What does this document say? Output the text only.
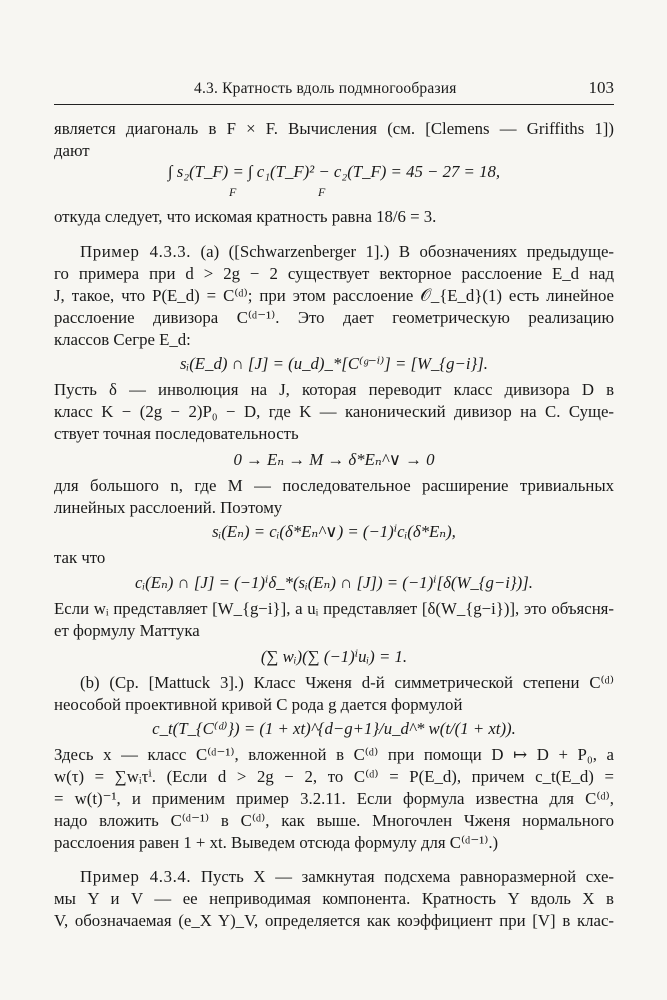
4.3. Кратность вдоль подмногообразия	103
является диагональ в F × F. Вычисления (см. [Clemens — Griffiths 1])
дают
∫ s₂(T_F) = ∫ c₁(T_F)² − c₂(T_F) = 45 − 27 = 18,
F	F
откуда следует, что искомая кратность равна 18/6 = 3.
Пример 4.3.3. (a) ([Schwarzenberger 1].) В обозначениях предыдуще-
го примера при d > 2g − 2 существует векторное расслоение E_d над
J, такое, что P(E_d) = C⁽ᵈ⁾; при этом расслоение 𝒪_{E_d}(1) есть линейное
расслоение дивизора C⁽ᵈ⁻¹⁾. Это дает геометрическую реализацию
классов Сегре E_d:
sᵢ(E_d) ∩ [J] = (u_d)_*[C⁽ᵍ⁻ⁱ⁾] = [W_{g−i}].
Пусть δ — инволюция на J, которая переводит класс дивизора D в
класс K − (2g − 2)P₀ − D, где K — канонический дивизор на C. Суще-
ствует точная последовательность
0 → Eₙ → M → δ*Eₙ^∨ → 0
для большого n, где M — последовательное расширение тривиальных
линейных расслоений. Поэтому
sᵢ(Eₙ) = cᵢ(δ*Eₙ^∨) = (−1)ⁱcᵢ(δ*Eₙ),
так что
cᵢ(Eₙ) ∩ [J] = (−1)ⁱδ_*(sᵢ(Eₙ) ∩ [J]) = (−1)ⁱ[δ(W_{g−i})].
Если wᵢ представляет [W_{g−i}], а uᵢ представляет [δ(W_{g−i})], это объясня-
ет формулу Маттука
(∑ wᵢ)(∑ (−1)ⁱuᵢ) = 1.
(b) (Ср. [Mattuck 3].) Класс Чженя d-й симметрической степени C⁽ᵈ⁾
неособой проективной кривой C рода g дается формулой
c_t(T_{C⁽ᵈ⁾}) = (1 + xt)^{d−g+1}/u_d^* w(t/(1 + xt)).
Здесь x — класс C⁽ᵈ⁻¹⁾, вложенной в C⁽ᵈ⁾ при помощи D ↦ D + P₀, а
w(τ) = ∑wᵢτⁱ. (Если d > 2g − 2, то C⁽ᵈ⁾ = P(E_d), причем c_t(E_d) =
= w(t)⁻¹, и применим пример 3.2.11. Если формула известна для C⁽ᵈ⁾,
надо вложить C⁽ᵈ⁻¹⁾ в C⁽ᵈ⁾, как выше. Многочлен Чженя нормального
расслоения равен 1 + xt. Выведем отсюда формулу для C⁽ᵈ⁻¹⁾.)
Пример 4.3.4. Пусть X — замкнутая подсхема равноразмерной схе-
мы Y и V — ее неприводимая компонента. Кратность Y вдоль X в
V, обозначаемая (e_X Y)_V, определяется как коэффициент при [V] в клас-
